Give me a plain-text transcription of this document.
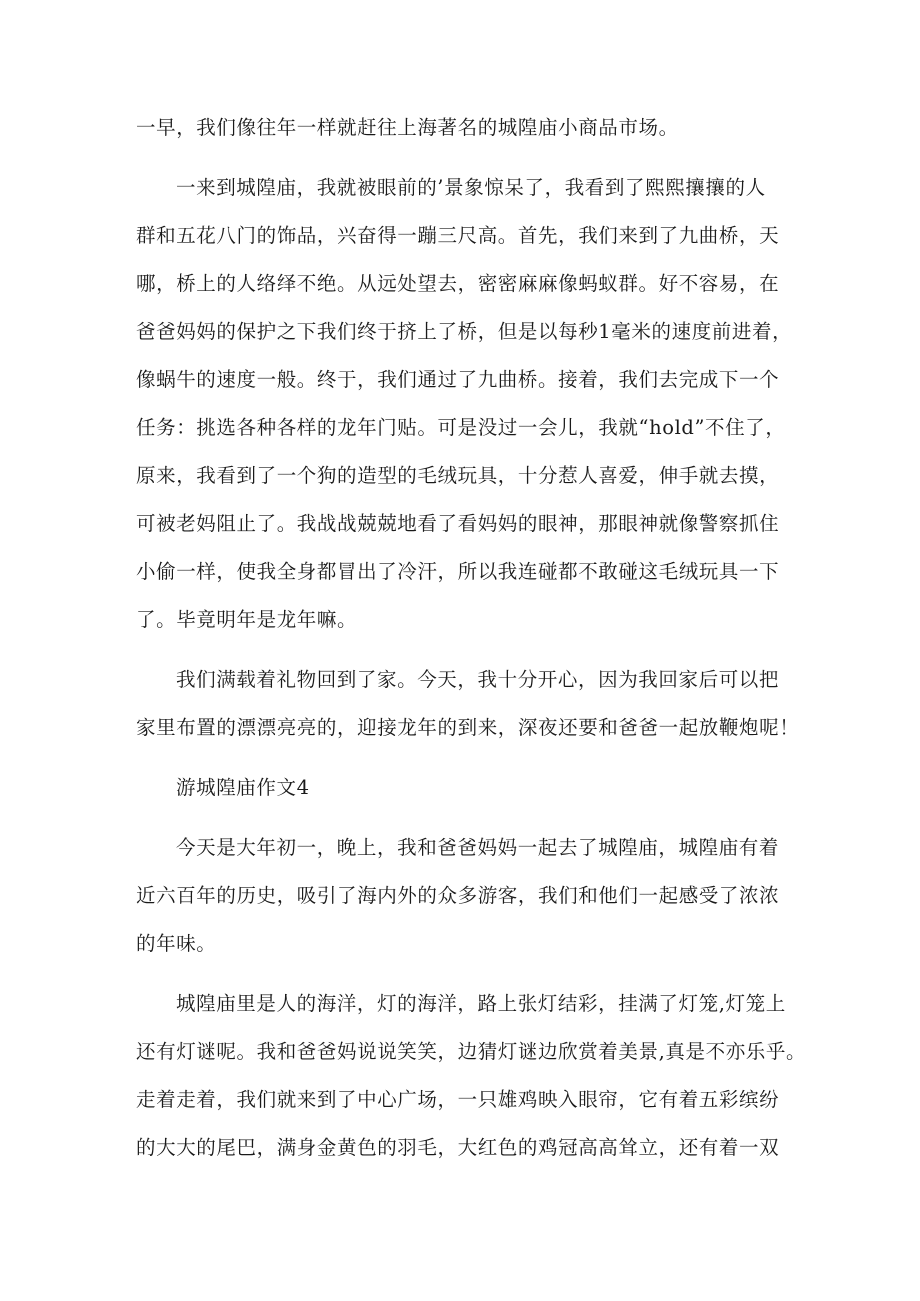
一早，我们像往年一样就赶往上海著名的城隍庙小商品市场。
一来到城隍庙，我就被眼前的’景象惊呆了，我看到了熙熙攘攘的人
群和五花八门的饰品，兴奋得一蹦三尺高。首先，我们来到了九曲桥，天
哪，桥上的人络绎不绝。从远处望去，密密麻麻像蚂蚁群。好不容易，在
爸爸妈妈的保护之下我们终于挤上了桥，但是以每秒1毫米的速度前进着，
像蜗牛的速度一般。终于，我们通过了九曲桥。接着，我们去完成下一个
任务：挑选各种各样的龙年门贴。可是没过一会儿，我就“hold”不住了，
原来，我看到了一个狗的造型的毛绒玩具，十分惹人喜爱，伸手就去摸，
可被老妈阻止了。我战战兢兢地看了看妈妈的眼神，那眼神就像警察抓住
小偷一样，使我全身都冒出了冷汗，所以我连碰都不敢碰这毛绒玩具一下
了。毕竟明年是龙年嘛。
我们满载着礼物回到了家。今天，我十分开心，因为我回家后可以把
家里布置的漂漂亮亮的，迎接龙年的到来，深夜还要和爸爸一起放鞭炮呢！
游城隍庙作文4
今天是大年初一，晚上，我和爸爸妈妈一起去了城隍庙，城隍庙有着
近六百年的历史，吸引了海内外的众多游客，我们和他们一起感受了浓浓
的年味。
城隍庙里是人的海洋，灯的海洋，路上张灯结彩，挂满了灯笼,灯笼上
还有灯谜呢。我和爸爸妈说说笑笑，边猜灯谜边欣赏着美景,真是不亦乐乎。
走着走着，我们就来到了中心广场，一只雄鸡映入眼帘，它有着五彩缤纷
的大大的尾巴，满身金黄色的羽毛，大红色的鸡冠高高耸立，还有着一双
